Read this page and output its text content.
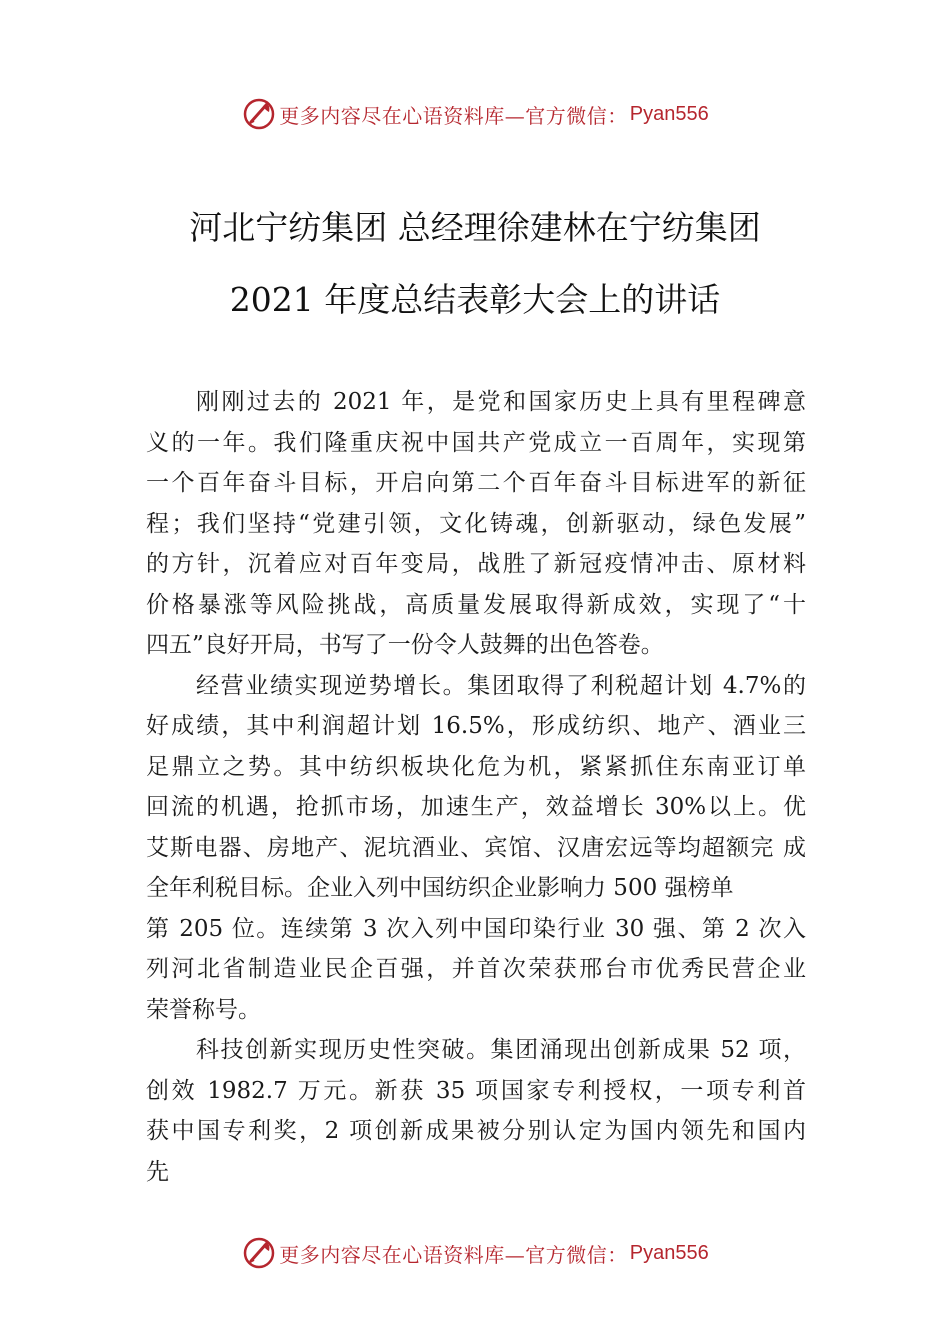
更多内容尽在心语资料库—官方微信： Pyan556
河北宁纺集团 总经理徐建林在宁纺集团
2021 年度总结表彰大会上的讲话
刚刚过去的 2021 年，是党和国家历史上具有里程碑意
义的一年。我们隆重庆祝中国共产党成立一百周年，实现第
一个百年奋斗目标，开启向第二个百年奋斗目标进军的新征
程；我们坚持“党建引领，文化铸魂，创新驱动，绿色发展”
的方针，沉着应对百年变局，战胜了新冠疫情冲击、原材料
价格暴涨等风险挑战，高质量发展取得新成效，实现了“十
四五”良好开局，书写了一份令人鼓舞的出色答卷。
经营业绩实现逆势增长。集团取得了利税超计划 4.7%的
好成绩，其中利润超计划 16.5%，形成纺织、地产、酒业三
足鼎立之势。其中纺织板块化危为机，紧紧抓住东南亚订单
回流的机遇，抢抓市场，加速生产，效益增长 30%以上。优
艾斯电器、房地产、泥坑酒业、宾馆、汉唐宏远等均超额完 成
全年利税目标。企业入列中国纺织企业影响力 500 强榜单
第 205 位。连续第 3 次入列中国印染行业 30 强、第 2 次入
列河北省制造业民企百强，并首次荣获邢台市优秀民营企业
荣誉称号。
科技创新实现历史性突破。集团涌现出创新成果 52 项，
创效 1982.7 万元。新获 35 项国家专利授权，一项专利首
获中国专利奖，2 项创新成果被分别认定为国内领先和国内
先
更多内容尽在心语资料库—官方微信： Pyan556
